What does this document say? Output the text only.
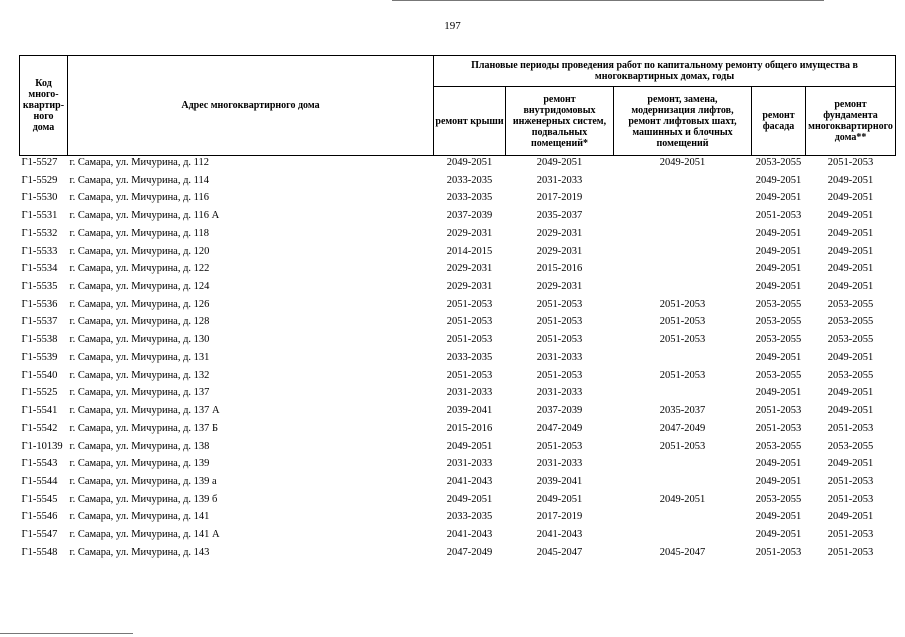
197
Код
много-
квартир-
ного
дома	Адрес многоквартирного дома	Плановые периоды проведения работ по капитальному ремонту общего имущества в многоквартирных домах, годы				
		ремонт крыши	ремонт внутридомовых инженерных систем, подвальных помещений*	ремонт, замена, модернизация лифтов, ремонт лифтовых шахт, машинных и блочных помещений	ремонт фасада	ремонт фундамента многоквартирного дома**
Г1-5527	г. Самара, ул. Мичурина, д. 112	2049-2051	2049-2051	2049-2051	2053-2055	2051-2053
Г1-5529	г. Самара, ул. Мичурина, д. 114	2033-2035	2031-2033		2049-2051	2049-2051
Г1-5530	г. Самара, ул. Мичурина, д. 116	2033-2035	2017-2019		2049-2051	2049-2051
Г1-5531	г. Самара, ул. Мичурина, д. 116 А	2037-2039	2035-2037		2051-2053	2049-2051
Г1-5532	г. Самара, ул. Мичурина, д. 118	2029-2031	2029-2031		2049-2051	2049-2051
Г1-5533	г. Самара, ул. Мичурина, д. 120	2014-2015	2029-2031		2049-2051	2049-2051
Г1-5534	г. Самара, ул. Мичурина, д. 122	2029-2031	2015-2016		2049-2051	2049-2051
Г1-5535	г. Самара, ул. Мичурина, д. 124	2029-2031	2029-2031		2049-2051	2049-2051
Г1-5536	г. Самара, ул. Мичурина, д. 126	2051-2053	2051-2053	2051-2053	2053-2055	2053-2055
Г1-5537	г. Самара, ул. Мичурина, д. 128	2051-2053	2051-2053	2051-2053	2053-2055	2053-2055
Г1-5538	г. Самара, ул. Мичурина, д. 130	2051-2053	2051-2053	2051-2053	2053-2055	2053-2055
Г1-5539	г. Самара, ул. Мичурина, д. 131	2033-2035	2031-2033		2049-2051	2049-2051
Г1-5540	г. Самара, ул. Мичурина, д. 132	2051-2053	2051-2053	2051-2053	2053-2055	2053-2055
Г1-5525	г. Самара, ул. Мичурина, д. 137	2031-2033	2031-2033		2049-2051	2049-2051
Г1-5541	г. Самара, ул. Мичурина, д. 137 А	2039-2041	2037-2039	2035-2037	2051-2053	2049-2051
Г1-5542	г. Самара, ул. Мичурина, д. 137 Б	2015-2016	2047-2049	2047-2049	2051-2053	2051-2053
Г1-10139	г. Самара, ул. Мичурина, д. 138	2049-2051	2051-2053	2051-2053	2053-2055	2053-2055
Г1-5543	г. Самара, ул. Мичурина, д. 139	2031-2033	2031-2033		2049-2051	2049-2051
Г1-5544	г. Самара, ул. Мичурина, д. 139 а	2041-2043	2039-2041		2049-2051	2051-2053
Г1-5545	г. Самара, ул. Мичурина, д. 139 б	2049-2051	2049-2051	2049-2051	2053-2055	2051-2053
Г1-5546	г. Самара, ул. Мичурина, д. 141	2033-2035	2017-2019		2049-2051	2049-2051
Г1-5547	г. Самара, ул. Мичурина, д. 141 А	2041-2043	2041-2043		2049-2051	2051-2053
Г1-5548	г. Самара, ул. Мичурина, д. 143	2047-2049	2045-2047	2045-2047	2051-2053	2051-2053
